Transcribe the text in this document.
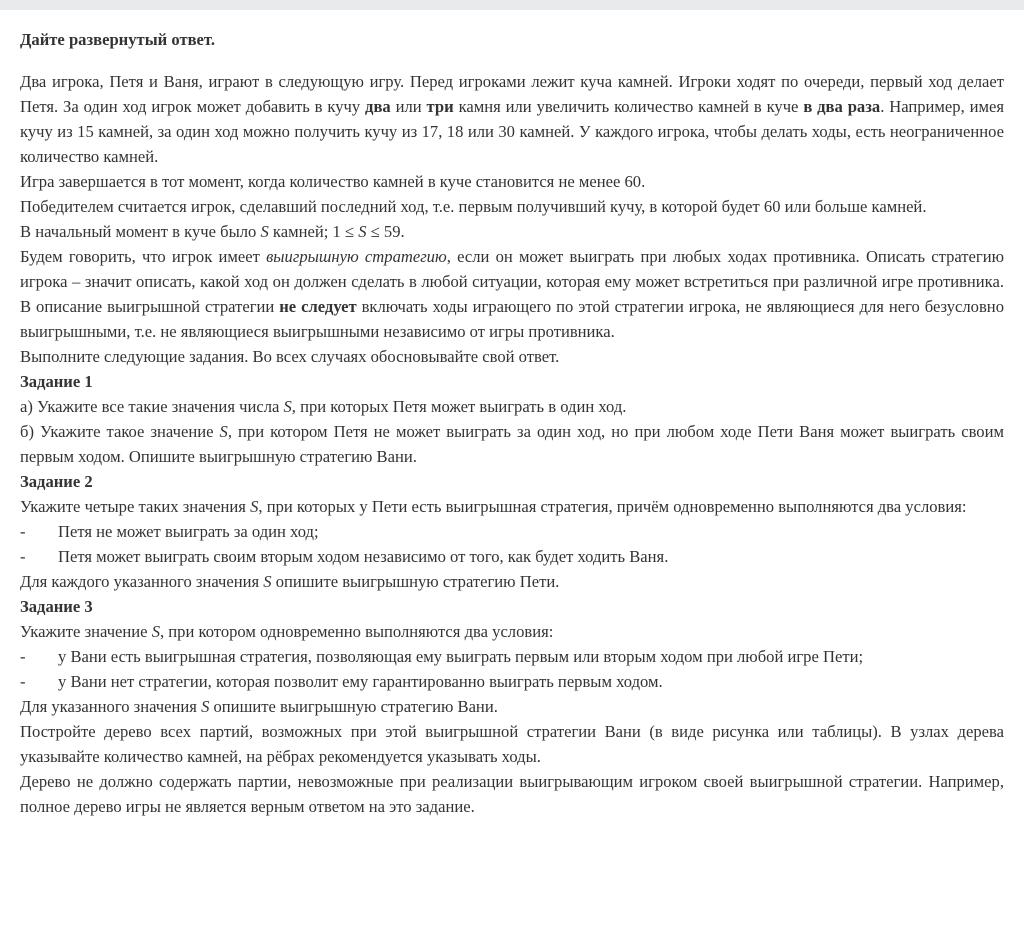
Дайте развернутый ответ.

Два игрока, Петя и Ваня, играют в следующую игру. Перед игроками лежит куча камней. Игроки ходят по очереди, первый ход делает Петя. За один ход игрок может добавить в кучу два или три камня или увеличить количество камней в куче в два раза. Например, имея кучу из 15 камней, за один ход можно получить кучу из 17, 18 или 30 камней. У каждого игрока, чтобы делать ходы, есть неограниченное количество камней.

Игра завершается в тот момент, когда количество камней в куче становится не менее 60.

Победителем считается игрок, сделавший последний ход, т.е. первым получивший кучу, в которой будет 60 или больше камней.

В начальный момент в куче было S камней; 1 ≤ S ≤ 59.

Будем говорить, что игрок имеет выигрышную стратегию, если он может выиграть при любых ходах противника. Описать стратегию игрока – значит описать, какой ход он должен сделать в любой ситуации, которая ему может встретиться при различной игре противника. В описание выигрышной стратегии не следует включать ходы играющего по этой стратегии игрока, не являющиеся для него безусловно выигрышными, т.е. не являющиеся выигрышными независимо от игры противника.

Выполните следующие задания. Во всех случаях обосновывайте свой ответ.

Задание 1

а) Укажите все такие значения числа S, при которых Петя может выиграть в один ход.

б) Укажите такое значение S, при котором Петя не может выиграть за один ход, но при любом ходе Пети Ваня может выиграть своим первым ходом. Опишите выигрышную стратегию Вани.

Задание 2

Укажите четыре таких значения S, при которых у Пети есть выигрышная стратегия, причём одновременно выполняются два условия:

-	Петя не может выиграть за один ход;
-	Петя может выиграть своим вторым ходом независимо от того, как будет ходить Ваня.

Для каждого указанного значения S опишите выигрышную стратегию Пети.

Задание 3

Укажите значение S, при котором одновременно выполняются два условия:

-	у Вани есть выигрышная стратегия, позволяющая ему выиграть первым или вторым ходом при любой игре Пети;
-	у Вани нет стратегии, которая позволит ему гарантированно выиграть первым ходом.

Для указанного значения S опишите выигрышную стратегию Вани.

Постройте дерево всех партий, возможных при этой выигрышной стратегии Вани (в виде рисунка или таблицы). В узлах дерева указывайте количество камней, на рёбрах рекомендуется указывать ходы.

Дерево не должно содержать партии, невозможные при реализации выигрывающим игроком своей выигрышной стратегии. Например, полное дерево игры не является верным ответом на это задание.
